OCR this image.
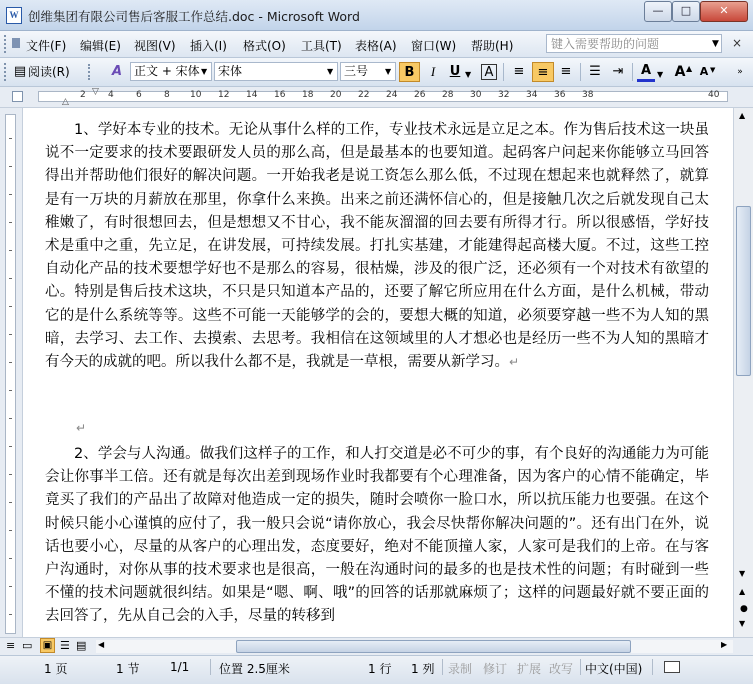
W 创维集团有限公司售后客服工作总结.doc - Microsoft Word	—	□	✕
文件(F) 编辑(E) 视图(V) 插入(I) 格式(O) 工具(T) 表格(A) 窗口(W) 帮助(H)	键入需要帮助的问题	▼ ×
▤ 阅读(R)	A 正文 + 宋体 ▼ 宋体	▼ 三号	▼	B	I	U ▼ A	≡	≡ ≡	☰ ⇥	A ▼ A ▲ A ▼	»
▽
△
2 4 6 8 10 12 14 16 18 20 22 24 26 28 30 32 34 36 38	40
1、学好本专业的技术。无论从事什么样的工作，专业技术永远是立足之本。作为售后技术这一块虽说不一定要求的技术要跟研发人员的那么高，但是最基本的也要知道。起码客户问起来你能够立马回答得出并帮助他们很好的解决问题。一开始我老是说工资怎么那么低，不过现在想起来也就释然了，就算是有一万块的月薪放在那里，你拿什么来换。出来之前还满怀信心的，但是接触几次之后就发现自己太稚嫩了，有时很想回去，但是想想又不甘心，我不能灰溜溜的回去要有所得才行。所以很感悟，学好技术是重中之重，先立足，在讲发展，可持续发展。打扎实基建，才能建得起高楼大厦。不过，这些工控自动化产品的技术要想学好也不是那么的容易，很枯燥，涉及的很广泛，还必须有一个对技术有欲望的心。特别是售后技术这块，不只是只知道本产品的，还要了解它所应用在什么方面，是什么机械，带动它的是什么系统等等。这些不可能一天能够学的会的，要想大概的知道，必须要穿越一些不为人知的黑暗，去学习、去工作、去摸索、去思考。我相信在这领域里的人才想必也是经历一些不为人知的黑暗才有今天的成就的吧。所以我什么都不是，我就是一草根，需要从新学习。↵
↵
2、学会与人沟通。做我们这样子的工作，和人打交道是必不可少的事，有个良好的沟通能力为可能会让你事半工倍。还有就是每次出差到现场作业时我都要有个心理准备，因为客户的心情不能确定，毕竟买了我们的产品出了故障对他造成一定的损失，随时会喷你一脸口水，所以抗压能力也要强。在这个时候只能小心谨慎的应付了，我一般只会说“请你放心，我会尽快帮你解决问题的”。还有出门在外，说话也要小心，尽量的从客户的心理出发，态度要好，绝对不能顶撞人家，人家可是我们的上帝。在与客户沟通时，对你从事的技术要求也是很高，一般在沟通时问的最多的也是技术性的问题；有时碰到一些不懂的技术问题就很纠结。如果是“嗯、啊、哦”的回答的话那就麻烦了；这样的问题最好就不要正面的去回答了，先从自己会的入手，尽量的转移到
▲
▼
▲
●
▼
≡ ▭ ▣ ☰ ▤ ◀	▶
1 页	1 节	1/1 位置 2.5厘米	1 行 1 列 录制 修订 扩展 改写 中文(中国)
